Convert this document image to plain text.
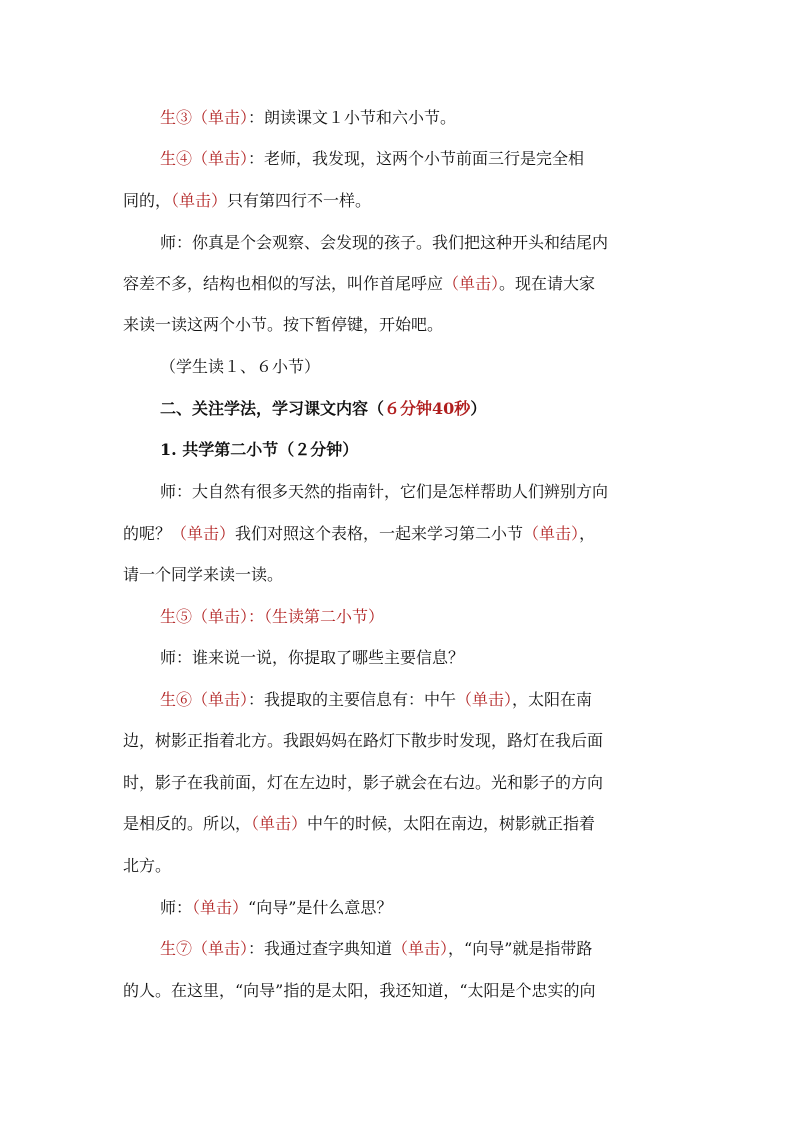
生③（单击）：朗读课文１小节和六小节。
生④（单击）：老师，我发现，这两个小节前面三行是完全相
同的，（单击）只有第四行不一样。
师：你真是个会观察、会发现的孩子。我们把这种开头和结尾内
容差不多，结构也相似的写法，叫作首尾呼应（单击）。现在请大家
来读一读这两个小节。按下暂停键，开始吧。
（学生读１、６小节）
二、关注学法，学习课文内容（６分钟40秒）
1. 共学第二小节（２分钟）
师：大自然有很多天然的指南针，它们是怎样帮助人们辨别方向
的呢？（单击）我们对照这个表格，一起来学习第二小节（单击），
请一个同学来读一读。
生⑤（单击）：（生读第二小节）
师：谁来说一说，你提取了哪些主要信息？
生⑥（单击）：我提取的主要信息有：中午（单击），太阳在南
边，树影正指着北方。我跟妈妈在路灯下散步时发现，路灯在我后面
时，影子在我前面，灯在左边时，影子就会在右边。光和影子的方向
是相反的。所以，（单击）中午的时候，太阳在南边，树影就正指着
北方。
师：（单击）“向导”是什么意思？
生⑦（单击）：我通过查字典知道（单击），“向导”就是指带路
的人。在这里，“向导”指的是太阳，我还知道，“太阳是个忠实的向
